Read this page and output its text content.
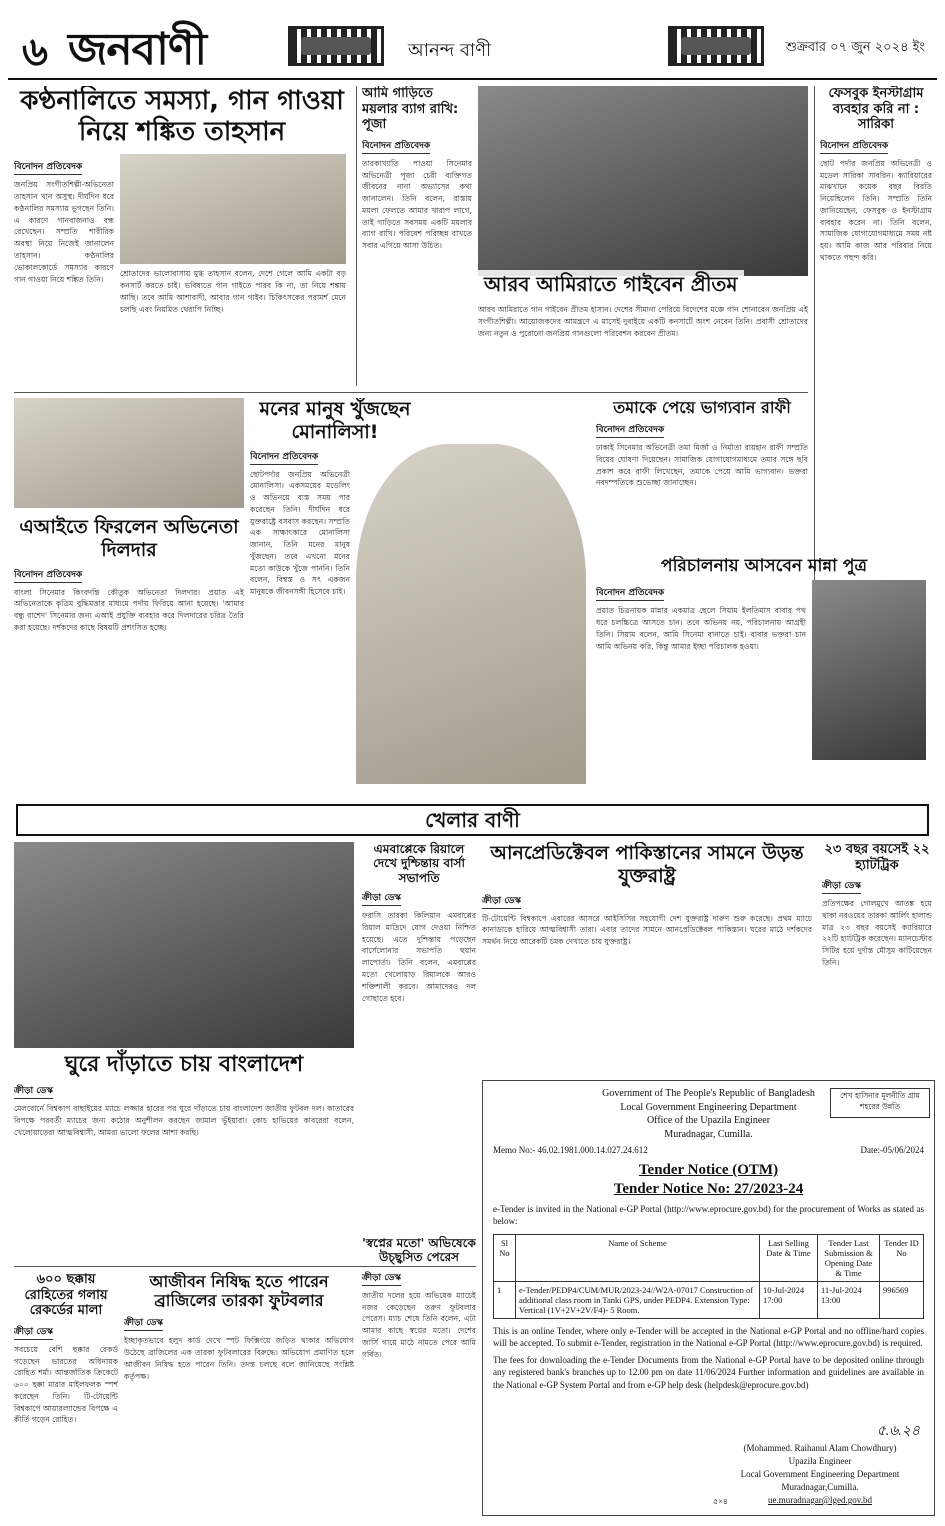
৬ জনবাণী	আনন্দ বাণী	শুক্রবার ০৭ জুন ২০২৪ ইং
কণ্ঠনালিতে সমস্যা, গান গাওয়া নিয়ে শঙ্কিত তাহসান
বিনোদন প্রতিবেদক
জনপ্রিয় সংগীতশিল্পী-অভিনেতা তাহসান খান অসুস্থ। দীর্ঘদিন ধরে কণ্ঠনালির সমস্যায় ভুগছেন তিনি। এ কারণে গানবাজনাও বন্ধ রেখেছেন। সম্প্রতি শারীরিক অবস্থা নিয়ে নিজেই জানালেন তাহসান। কণ্ঠনালির ভোকালকোর্ডে সমস্যার কারণে গান গাওয়া নিয়ে শঙ্কিত তিনি।
শ্রোতাদের ভালোবাসায় মুগ্ধ তাহসান বলেন, দেশে গেলে আমি একটা বড় কনসার্ট করতে চাই। ভবিষ্যতে গান গাইতে পারব কি না, তা নিয়ে শঙ্কায় আছি। তবে আমি আশাবাদী, আবার গান গাইব। চিকিৎসকের পরামর্শ মেনে চলছি এবং নিয়মিত থেরাপি নিচ্ছি।
আমি গাড়িতে ময়লার ব্যাগ রাখি: পূজা
বিনোদন প্রতিবেদক
তারকাখ্যাতি পাওয়া সিনেমার অভিনেত্রী পূজা চেরী ব্যক্তিগত জীবনের নানা অভ্যাসের কথা জানালেন। তিনি বলেন, রাস্তায় ময়লা ফেলতে আমার খারাপ লাগে, তাই গাড়িতে সবসময় একটি ময়লার ব্যাগ রাখি। পরিবেশ পরিচ্ছন্ন রাখতে সবার এগিয়ে আসা উচিত।
আরব আমিরাতে গাইবেন প্রীতম
আরব আমিরাতে গান গাইবেন প্রীতম হাসান। দেশের সীমানা পেরিয়ে বিদেশের মঞ্চে গান শোনাবেন জনপ্রিয় এই সংগীতশিল্পী। আয়োজকদের আমন্ত্রণে এ মাসেই দুবাইয়ে একটি কনসার্টে অংশ নেবেন তিনি। প্রবাসী শ্রোতাদের জন্য নতুন ও পুরোনো জনপ্রিয় গানগুলো পরিবেশন করবেন প্রীতম।
ফেসবুক ইনস্টাগ্রাম ব্যবহার করি না : সারিকা
বিনোদন প্রতিবেদক
ছোট পর্দার জনপ্রিয় অভিনেত্রী ও মডেল সারিকা সাবরিন। ক্যারিয়ারের মাঝখানে কয়েক বছর বিরতি নিয়েছিলেন তিনি। সম্প্রতি তিনি জানিয়েছেন, ফেসবুক ও ইনস্টাগ্রাম ব্যবহার করেন না। তিনি বলেন, সামাজিক যোগাযোগমাধ্যমে সময় নষ্ট হয়। আমি কাজ আর পরিবার নিয়ে থাকতে পছন্দ করি।
এআইতে ফিরলেন অভিনেতা দিলদার
বিনোদন প্রতিবেদক
বাংলা সিনেমার কিংবদন্তি কৌতুক অভিনেতা দিলদার। প্রয়াত এই অভিনেতাকে কৃত্রিম বুদ্ধিমত্তার মাধ্যমে পর্দায় ফিরিয়ে আনা হয়েছে। 'আমার বন্ধু রাশেদ' সিনেমার জন্য এআই প্রযুক্তি ব্যবহার করে দিলদারের চরিত্র তৈরি করা হয়েছে। দর্শকদের কাছে বিষয়টি প্রশংসিত হচ্ছে।
মনের মানুষ খুঁজছেন মোনালিসা!
বিনোদন প্রতিবেদক
ছোটপর্দার জনপ্রিয় অভিনেত্রী মোনালিসা। একসময়ের মডেলিং ও অভিনয়ে ব্যস্ত সময় পার করেছেন তিনি। দীর্ঘদিন ধরে যুক্তরাষ্ট্রে বসবাস করছেন। সম্প্রতি এক সাক্ষাৎকারে মোনালিসা জানান, তিনি মনের মানুষ খুঁজছেন। তবে এখনো মনের মতো কাউকে খুঁজে পাননি। তিনি বলেন, বিশ্বস্ত ও সৎ একজন মানুষকে জীবনসঙ্গী হিসেবে চাই।
তমাকে পেয়ে ভাগ্যবান রাফী
বিনোদন প্রতিবেদক
ঢাকাই সিনেমার অভিনেত্রী তমা মির্জা ও নির্মাতা রায়হান রাফী সম্প্রতি বিয়ের ঘোষণা দিয়েছেন। সামাজিক যোগাযোগমাধ্যমে তমার সঙ্গে ছবি প্রকাশ করে রাফী লিখেছেন, তমাকে পেয়ে আমি ভাগ্যবান। ভক্তরা নবদম্পতিকে শুভেচ্ছা জানাচ্ছেন।
পরিচালনায় আসবেন মান্না পুত্র
বিনোদন প্রতিবেদক
প্রয়াত চিত্রনায়ক মান্নার একমাত্র ছেলে সিয়াম ইলতিমাস বাবার পথ ধরে চলচ্চিত্রে আসতে চান। তবে অভিনয় নয়, পরিচালনায় আগ্রহী তিনি। সিয়াম বলেন, আমি সিনেমা বানাতে চাই। বাবার ভক্তরা চান আমি অভিনয় করি, কিন্তু আমার ইচ্ছা পরিচালক হওয়া।
খেলার বাণী
ঘুরে দাঁড়াতে চায় বাংলাদেশ
ক্রীড়া ডেস্ক
মেলবোর্নে বিশ্বকাপ বাছাইয়ের ম্যাচে লজ্জার হারের পর ঘুরে দাঁড়াতে চায় বাংলাদেশ জাতীয় ফুটবল দল। কাতারের বিপক্ষে পরবর্তী ম্যাচের জন্য কঠোর অনুশীলন করছেন জামাল ভূঁইয়ারা। কোচ হাভিয়ের কাবরেরা বলেন, খেলোয়াড়েরা আত্মবিশ্বাসী, আমরা ভালো ফলের আশা করছি।
এমবাপ্পেকে রিয়ালে দেখে দুশ্চিন্তায় বার্সা সভাপতি
ক্রীড়া ডেস্ক
ফরাসি তারকা কিলিয়ান এমবাপ্পের রিয়াল মাদ্রিদে যোগ দেওয়া নিশ্চিত হয়েছে। এতে দুশ্চিন্তায় পড়েছেন বার্সেলোনার সভাপতি হুয়ান লাপোর্তা। তিনি বলেন, এমবাপ্পের মতো খেলোয়াড় রিয়ালকে আরও শক্তিশালী করবে। আমাদেরও দল গোছাতে হবে।
আনপ্রেডিক্টেবল পাকিস্তানের সামনে উড়ন্ত যুক্তরাষ্ট্র
ক্রীড়া ডেস্ক
টি-টোয়েন্টি বিশ্বকাপে এবারের আসরে আইসিসির সহযোগী দেশ যুক্তরাষ্ট্র দারুণ শুরু করেছে। প্রথম ম্যাচে কানাডাকে হারিয়ে আত্মবিশ্বাসী তারা। এবার তাদের সামনে আনপ্রেডিক্টেবল পাকিস্তান। ঘরের মাঠে দর্শকদের সমর্থন নিয়ে আরেকটি চমক দেখাতে চায় যুক্তরাষ্ট্র।
২৩ বছর বয়সেই ২২ হ্যাটট্রিক
ক্রীড়া ডেস্ক
প্রতিপক্ষের গোলমুখে আতঙ্ক হয়ে থাকা নরওয়ের তারকা আর্লিং হালান্ড মাত্র ২৩ বছর বয়সেই ক্যারিয়ারে ২২টি হ্যাটট্রিক করেছেন। ম্যানচেস্টার সিটির হয়ে দুর্দান্ত মৌসুম কাটিয়েছেন তিনি।
৬০০ ছক্কায় রোহিতের গলায় রেকর্ডের মালা
ক্রীড়া ডেস্ক
সবচেয়ে বেশি ছক্কার রেকর্ড গড়েছেন ভারতের অধিনায়ক রোহিত শর্মা। আন্তর্জাতিক ক্রিকেটে ৬০০ ছক্কা মারার মাইলফলক স্পর্শ করেছেন তিনি। টি-টোয়েন্টি বিশ্বকাপে আয়ারল্যান্ডের বিপক্ষে এ কীর্তি গড়েন রোহিত।
আজীবন নিষিদ্ধ হতে পারেন ব্রাজিলের তারকা ফুটবলার
ক্রীড়া ডেস্ক
ইচ্ছাকৃতভাবে হলুদ কার্ড দেখে স্পট ফিক্সিংয়ে জড়িত থাকার অভিযোগ উঠেছে ব্রাজিলের এক তারকা ফুটবলারের বিরুদ্ধে। অভিযোগ প্রমাণিত হলে আজীবন নিষিদ্ধ হতে পারেন তিনি। তদন্ত চলছে বলে জানিয়েছে সংশ্লিষ্ট কর্তৃপক্ষ।
'স্বপ্নের মতো' অভিষেকে উচ্ছ্বসিত পেরেস
ক্রীড়া ডেস্ক
জাতীয় দলের হয়ে অভিষেক ম্যাচেই নজর কেড়েছেন তরুণ ফুটবলার পেরেস। ম্যাচ শেষে তিনি বলেন, এটা আমার কাছে স্বপ্নের মতো। দেশের জার্সি গায়ে মাঠে নামতে পেরে আমি গর্বিত।
Government of The People's Republic of Bangladesh
Local Government Engineering Department
Office of the Upazila Engineer
Muradnagar, Cumilla.
Memo No:- 46.02.1981.000.14.027.24.612	Date:-05/06/2024
Tender Notice (OTM)
Tender Notice No: 27/2023-24
e-Tender is invited in the National e-GP Portal (http://www.eprocure.gov.bd) for the procurement of Works as stated as below:
Sl No	Name of Scheme	Last Selling Date & Time	Tender Last Submission & Opening Date & Time	Tender ID No
1	e-Tender/PEDP4/CUM/MUR/2023-24//W2A-07017 Construction of additional class room in Tanki GPS, under PEDP4. Extension Type: Vertical (1V+2V+2V/F4)- 5 Room.	10-Jul-2024 17:00	11-Jul-2024 13:00	996569
This is an online Tender, where only e-Tender will be accepted in the National e-GP Portal and no offline/hard copies will be accepted. To submit e-Tender, registration in the National e-GP Portal (http://www.eprocure.gov.bd) is required.
The fees for downloading the e-Tender Documents from the National e-GP Portal have to be deposited online through any registered bank's branches up to 12.00 pm on date 11/06/2024 Further information and guidelines are available in the National e-GP System Portal and from e-GP help desk (helpdesk@eprocure.gov.bd)
৫.৬.২৪
(Mohammed. Raihanul Alam Chowdhury)
Upazila Engineer
Local Government Engineering Department
Muradnagar,Cumilla.
ue.muradnagar@lged.gov.bd
৫×৪
শেখ হাসিনার মূলনীতি গ্রাম শহরের উন্নতি
